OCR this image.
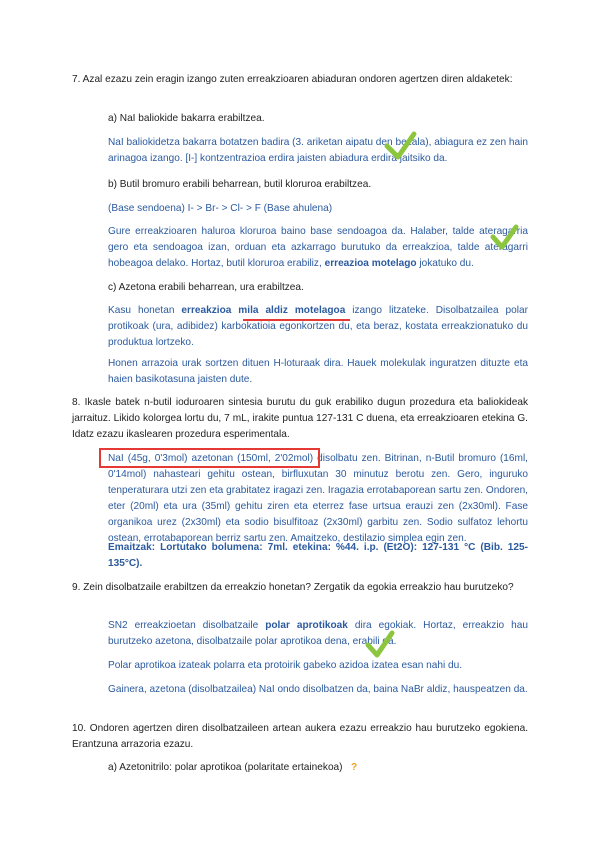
7. Azal ezazu zein eragin izango zuten erreakzioaren abiaduran ondoren agertzen diren aldaketek:

a) NaI baliokide bakarra erabiltzea.

NaI baliokidetza bakarra botatzen badira (3. ariketan aipatu den bezala), abiagura ez zen hain arinagoa izango. [I-] kontzentrazioa erdira jaisten abiadura erdira jaitsiko da.

b) Butil bromuro erabili beharrean, butil kloruroa erabiltzea.

(Base sendoena) I- > Br- > Cl- > F (Base ahulena)

Gure erreakzioaren haluroa kloruroa baino base sendoagoa da. Halaber, talde ateragarria gero eta sendoagoa izan, orduan eta azkarrago burutuko da erreakzioa, talde ateragarri hobeagoa delako. Hortaz, butil kloruroa erabiliz, erreazioa motelago jokatuko du.

c) Azetona erabili beharrean, ura erabiltzea.

Kasu honetan erreakzioa mila aldiz motelagoa izango litzateke. Disolbatzailea polar protikoak (ura, adibidez) karbokatioia egonkortzen du, eta beraz, kostata erreakzionatuko du produktua lortzeko.

Honen arrazoia urak sortzen dituen H-loturaak dira. Hauek molekulak inguratzen dituzte eta haien basikotasuna jaisten dute.

8. Ikasle batek n-butil ioduroaren sintesia burutu du guk erabiliko dugun prozedura eta baliokideak jarraituz. Likido kolorgea lortu du, 7 mL, irakite puntua 127-131 C duena, eta erreakzioaren etekina G. Idatz ezazu ikaslearen prozedura esperimentala.

NaI (45g, 0'3mol) azetonan (150ml, 2'02mol) disolbatu zen. Bitrinan, n-Butil bromuro (16ml, 0'14mol) nahasteari gehitu ostean, birfluxutan 30 minutuz berotu zen. Gero, inguruko tenperaturara utzi zen eta grabitatez iragazi zen. Iragazia errotabaporean sartu zen. Ondoren, eter (20ml) eta ura (35ml) gehitu ziren eta eterrez fase urtsua erauzi zen (2x30ml). Fase organikoa urez (2x30ml) eta sodio bisulfitoaz (2x30ml) garbitu zen. Sodio sulfatoz lehortu ostean, errotabaporean berriz sartu zen. Amaitzeko, destilazio simplea egin zen.

Emaitzak: Lortutako bolumena: 7ml. etekina: %44. i.p. (Et2O): 127-131 °C (Bib. 125-135°C).

9. Zein disolbatzaile erabiltzen da erreakzio honetan? Zergatik da egokia erreakzio hau burutzeko?

SN2 erreakzioetan disolbatzaile polar aprotikoak dira egokiak. Hortaz, erreakzio hau burutzeko azetona, disolbatzaile polar aprotikoa dena, erabili da.

Polar aprotikoa izateak polarra eta protoirik gabeko azidoa izatea esan nahi du.

Gainera, azetona (disolbatzailea) NaI ondo disolbatzen da, baina NaBr aldiz, hauspeatzen da.

10. Ondoren agertzen diren disolbatzaileen artean aukera ezazu erreakzio hau burutzeko egokiena. Erantzuna arrazoria ezazu.

a) Azetonitrilo: polar aprotikoa (polaritate ertainekoa) ?
